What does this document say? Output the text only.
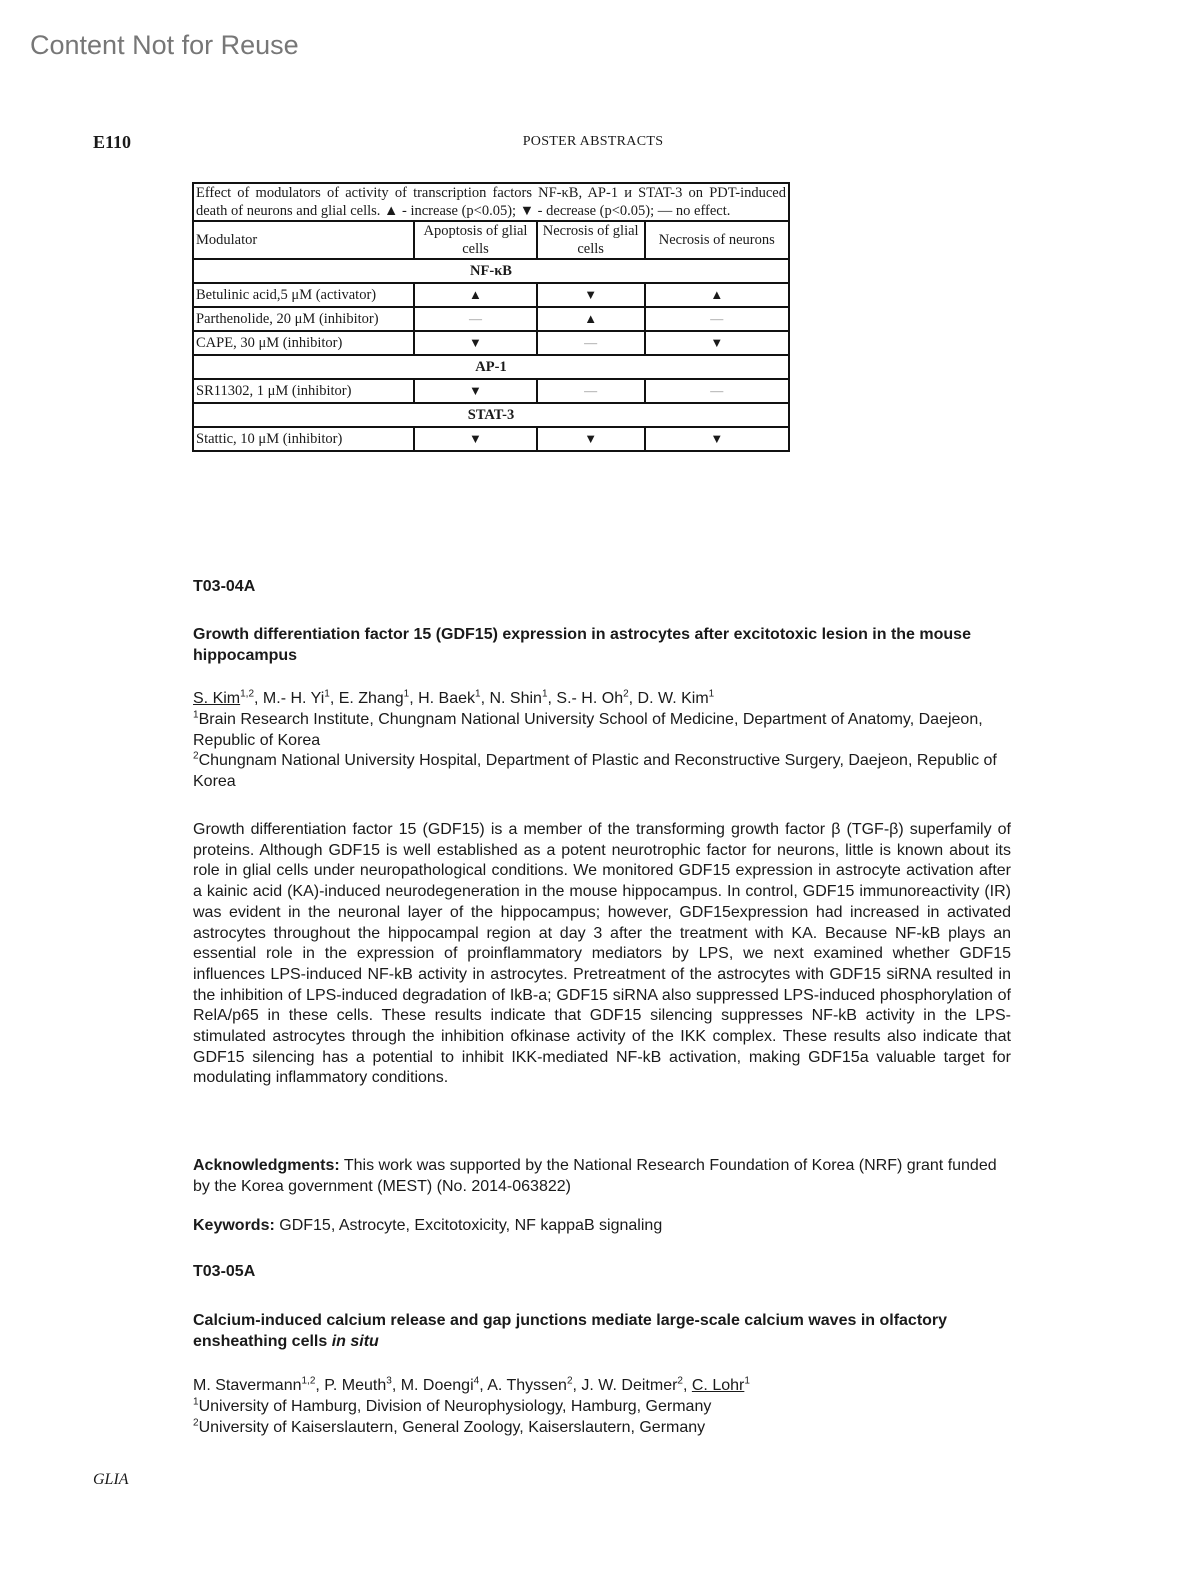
Content Not for Reuse
E110	POSTER ABSTRACTS
Effect of modulators of activity of transcription factors NF-κB, AP-1 и STAT-3 on PDT-induced death of neurons and glial cells. ▲ - increase (p<0.05); ▼ - decrease (p<0.05); — no effect.			
Modulator	Apoptosis of glial cells	Necrosis of glial cells	Necrosis of neurons
NF-κB			
Betulinic acid,5 μM (activator)	▲	▼	▲
Parthenolide, 20 μM (inhibitor)	—	▲	—
CAPE, 30 μM (inhibitor)	▼	—	▼
AP-1			
SR11302, 1 μM (inhibitor)	▼	—	—
STAT-3			
Stattic, 10 μM (inhibitor)	▼	▼	▼
T03-04A
Growth differentiation factor 15 (GDF15) expression in astrocytes after excitotoxic lesion in the mouse hippocampus
S. Kim$^{1,2}$, M.- H. Yi$^1$, E. Zhang$^1$, H. Baek$^1$, N. Shin$^1$, S.- H. Oh$^2$, D. W. Kim$^1$
$^1$Brain Research Institute, Chungnam National University School of Medicine, Department of Anatomy, Daejeon, Republic of Korea
$^2$Chungnam National University Hospital, Department of Plastic and Reconstructive Surgery, Daejeon, Republic of Korea
Growth differentiation factor 15 (GDF15) is a member of the transforming growth factor β (TGF-β) superfamily of proteins. Although GDF15 is well established as a potent neurotrophic factor for neurons, little is known about its role in glial cells under neuropathological conditions. We monitored GDF15 expression in astrocyte activation after a kainic acid (KA)-induced neurodegeneration in the mouse hippocampus. In control, GDF15 immunoreactivity (IR) was evident in the neuronal layer of the hippocampus; however, GDF15expression had increased in activated astrocytes throughout the hippocampal region at day 3 after the treatment with KA. Because NF-kB plays an essential role in the expression of proinflammatory mediators by LPS, we next examined whether GDF15 influences LPS-induced NF-kB activity in astrocytes. Pretreatment of the astrocytes with GDF15 siRNA resulted in the inhibition of LPS-induced degradation of IkB-a; GDF15 siRNA also suppressed LPS-induced phosphorylation of RelA/p65 in these cells. These results indicate that GDF15 silencing suppresses NF-kB activity in the LPS-stimulated astrocytes through the inhibition ofkinase activity of the IKK complex. These results also indicate that GDF15 silencing has a potential to inhibit IKK-mediated NF-kB activation, making GDF15a valuable target for modulating inflammatory conditions.
Acknowledgments: This work was supported by the National Research Foundation of Korea (NRF) grant funded by the Korea government (MEST) (No. 2014-063822)
Keywords: GDF15, Astrocyte, Excitotoxicity, NF kappaB signaling
T03-05A
Calcium-induced calcium release and gap junctions mediate large-scale calcium waves in olfactory ensheathing cells in situ
M. Stavermann$^{1,2}$, P. Meuth$^3$, M. Doengi$^4$, A. Thyssen$^2$, J. W. Deitmer$^2$, C. Lohr$^1$
$^1$University of Hamburg, Division of Neurophysiology, Hamburg, Germany
$^2$University of Kaiserslautern, General Zoology, Kaiserslautern, Germany
GLIA
